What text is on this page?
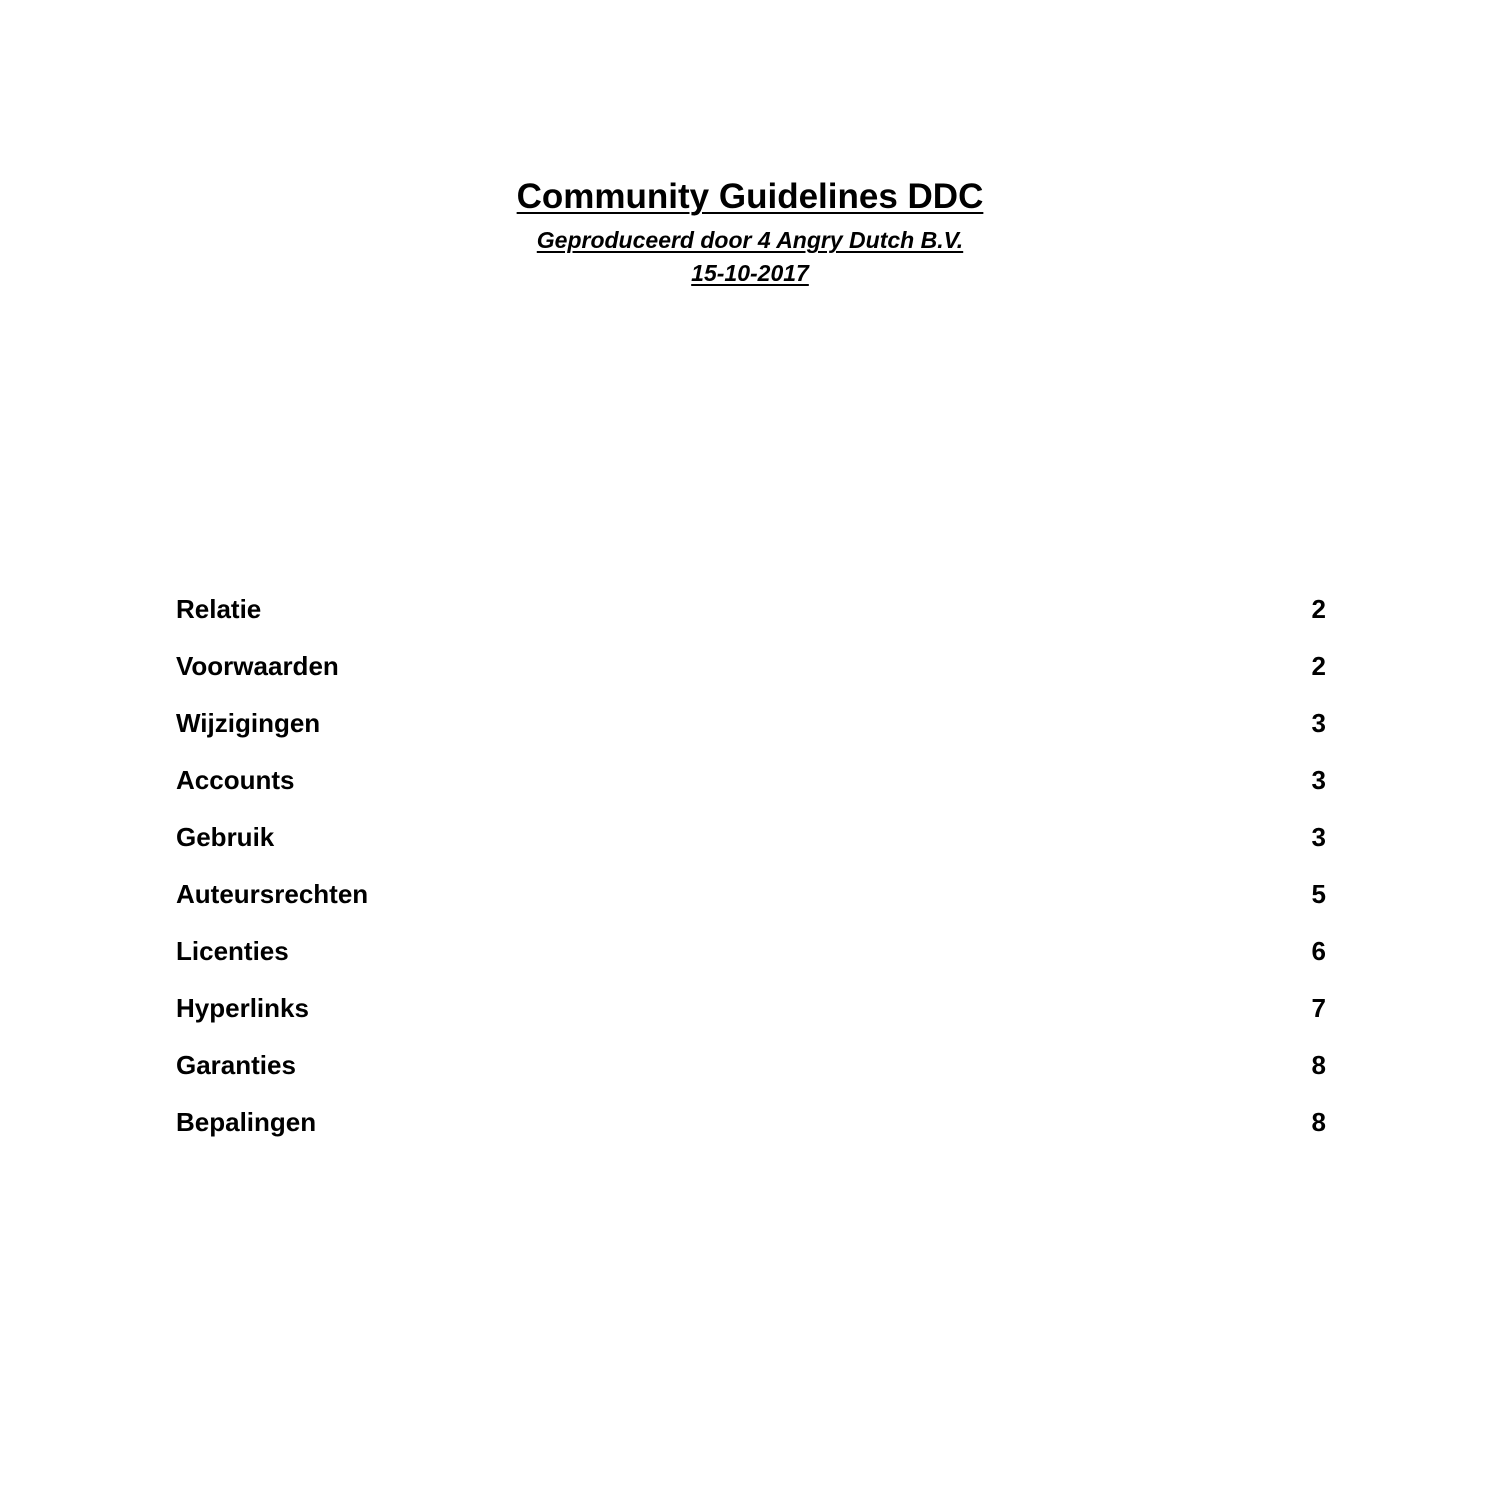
Community Guidelines DDC
Geproduceerd door 4 Angry Dutch B.V.
15-10-2017
Relatie	2
Voorwaarden	2
Wijzigingen	3
Accounts	3
Gebruik	3
Auteursrechten	5
Licenties	6
Hyperlinks	7
Garanties	8
Bepalingen	8
